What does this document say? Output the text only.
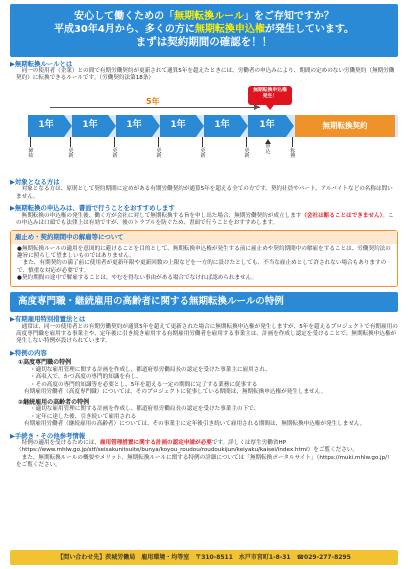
安心して働くための「無期転換ルール」をご存知ですか？
平成30年4月から、多くの方に無期転換申込権が発生しています。
まずは契約期間の確認を！！
▶無期転換ルールとは
　同一の使用者（企業）との間で有期労働契約が更新されて通算5年を超えたときには、労働者の申込みにより、期間の定めのない労働契約（無期労働契約）に転換できるルールです。（労働契約法第18条）
5年
無期転換申込権
発生！
1年	1年	1年	1年	1年	1年	無期転換契約
締結
更新
更新
更新
更新
更新
申込	転換
▶対象となる方は
　対象となる方は、原則として契約期間に定めがある有期労働契約が通算5年を超える全ての方です。契約社員やパート、アルバイトなどの名称は問いません。
▶無期転換の申込みは、書面で行うことをおすすめします
　無期転換の申込権の発生後、働く方が会社に対して無期転換する旨を申し出た場合、無期労働契約が成立します（会社は断ることはできません）。この申込みは口頭でも法律上は有効ですが、後のトラブルを防ぐため、書面で行うことをおすすめします。
雇止め・契約期間中の解雇等について

●無期転換ルールの適用を意図的に避けることを目的として、無期転換申込権が発生する前に雇止めや契約期間中の解雇をすることは、労働契約法の趣旨に照らして望ましいものではありません。

　また、有期契約の満了前に使用者が更新年限や更新回数の上限などを一方的に設けたとしても、不当な雇止めとして許されない場合もありますので、慎重な対応が必要です。

●契約期間の途中で解雇することは、やむを得ない事由がある場合でなければ認められません。

高度専門職・継続雇用の高齢者に関する無期転換ルールの特例
▶有期雇用特別措置法とは
　通常は、同一の使用者との有期労働契約が通算5年を超えて更新された場合に無期転換申込権が発生しますが、5年を超えるプロジェクトで有期雇用の高度専門職を雇用する事業主や、定年後に引き続き雇用する有期雇用労働者を雇用する事業主は、計画を作成し認定を受けることで、無期転換申込権が発生しない特例が設けられています。
▶特例の内容
①高度専門職の特例
・適切な雇用管理に関する計画を作成し、都道府県労働局長の認定を受けた事業主に雇用され、
・高収入で、かつ高度の専門的知識を有し、
・その高度の専門的知識等を必要とし、5年を超える一定の期間に完了する業務に従事する
有期雇用労働者（高度専門職）については、そのプロジェクトに従事している期間は、無期転換申込権が発生しません。
②継続雇用の高齢者の特例
・適切な雇用管理に関する計画を作成し、都道府県労働局長の認定を受けた事業主の下で、
・定年に達した後、引き続いて雇用される
有期雇用労働者（継続雇用の高齢者）については、その事業主に定年後引き続いて雇用される期間は、無期転換申込権が発生しません。
▶手続き・その他参考情報
　特例の適用を受けるためには、雇用管理措置に関する計画の認定申請が必要です。詳しくは厚生労働省HP（https://www.mhlw.go.jp/stf/seisakunitsuite/bunya/koyou_roudou/roudoukijun/keiyaku/kaisei/index.html）をご覧ください。
　また、無期転換ルールの概要やメリット、無期転換ルールに関する特例の詳細については「無期転換ポータルサイト」（https://muki.mhlw.go.jp/）をご覧ください。
【問い合わせ先】茨城労働局　雇用環境・均等室　〒310-8511　水戸市宮町1-8-31　☎029-277-8295
